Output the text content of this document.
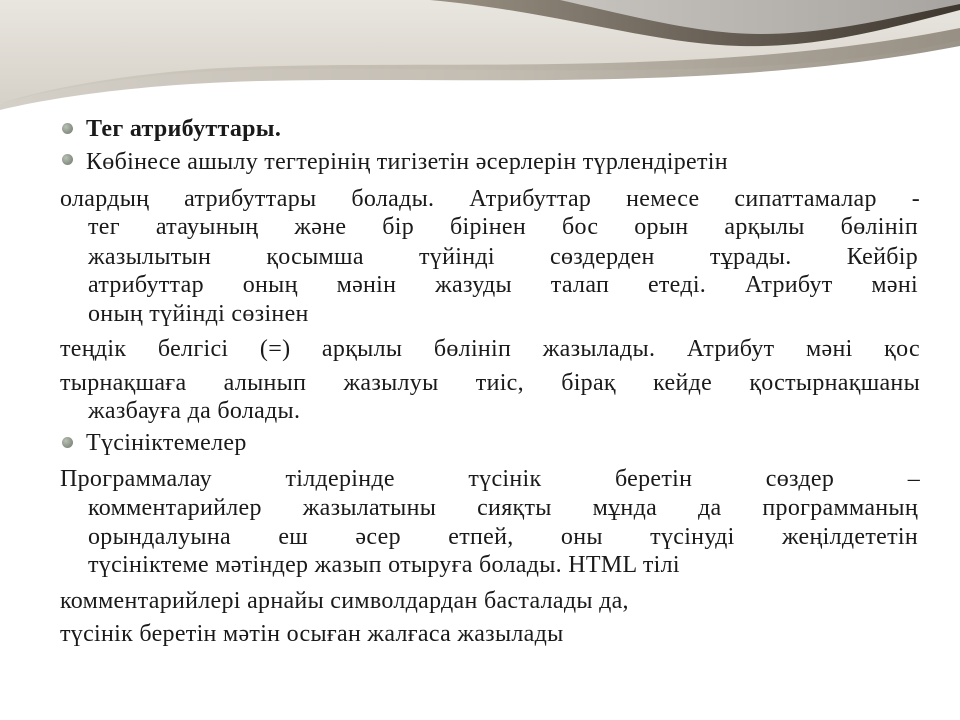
Тег атрибуттары.
Көбінесе ашылу тегтерінің тигізетін әсерлерін түрлендіретін
олардың атрибуттары болады. Атрибуттар немесе сипаттамалар -
тег атауының және бір бірінен бос орын арқылы бөлініп
жазылытын қосымша түйінді сөздерден тұрады. Кейбір
атрибуттар оның мәнін жазуды талап етеді. Атрибут мәні
оның түйінді сөзінен
теңдік белгісі (=) арқылы бөлініп жазылады. Атрибут мәні қос
тырнақшаға алынып жазылуы тиіс, бірақ кейде қостырнақшаны
жазбауға да болады.
Түсініктемелер
Программалау тілдерінде түсінік беретін сөздер –
комментарийлер жазылатыны сияқты мұнда да программаның
орындалуына еш әсер етпей, оны түсінуді жеңілдететін
түсініктеме мәтіндер жазып отыруға болады. HTML тілі
комментарийлері арнайы символдардан басталады да,
түсінік беретін мәтін осыған жалғаса жазылады
